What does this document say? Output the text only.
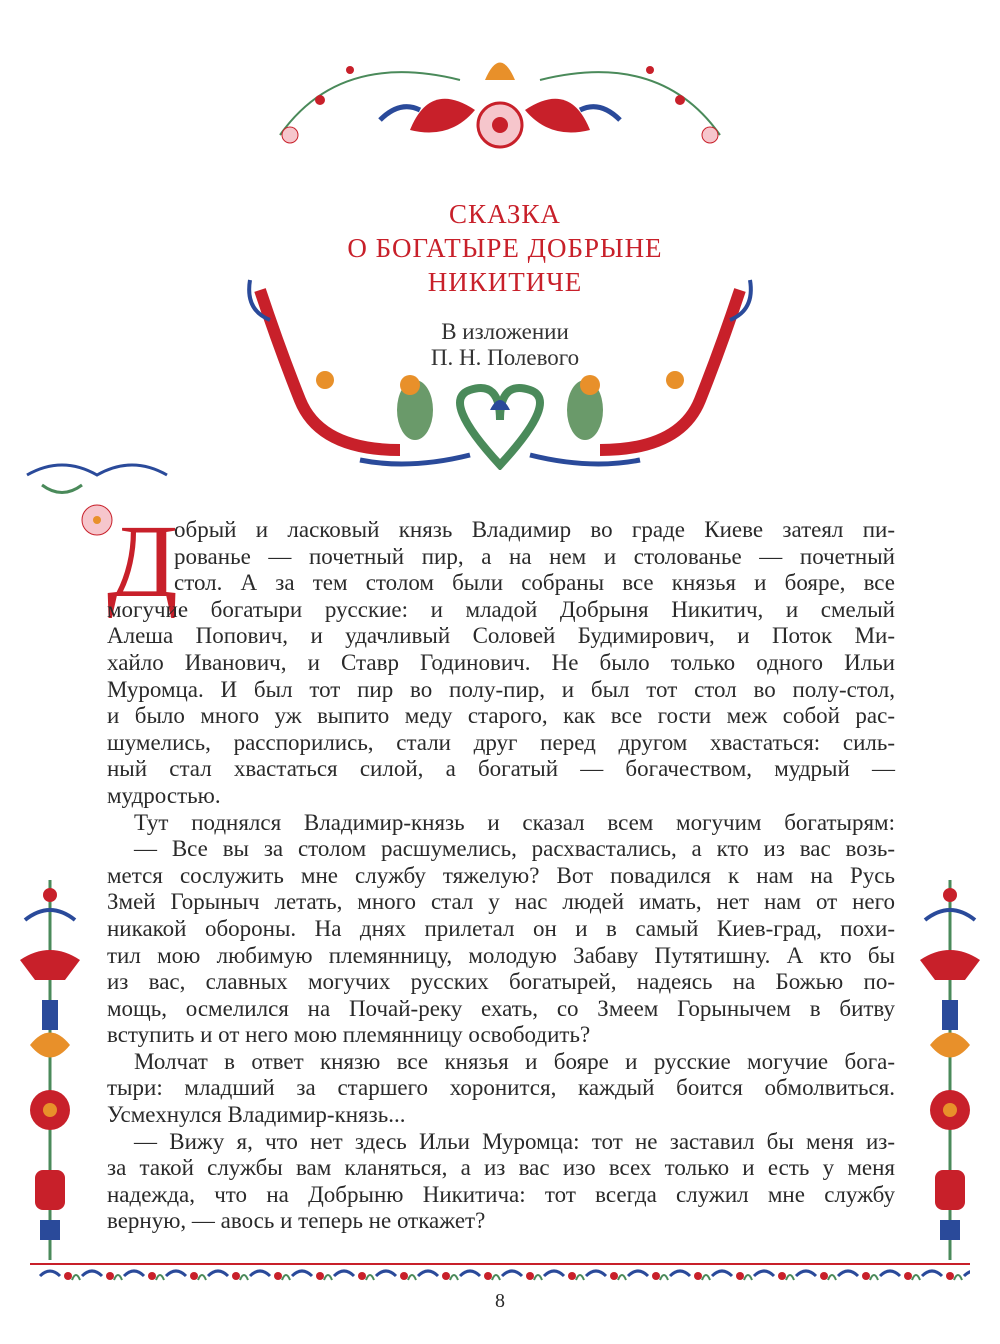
СКАЗКА
О БОГАТЫРЕ ДОБРЫНЕ
НИКИТИЧЕ
В изложении
П. Н. Полевого
Д
обрый и ласковый князь Владимир во граде Киеве затеял пи-
рованье — почетный пир, а на нем и столованье — почетный
стол. А за тем столом были собраны все князья и бояре, все
могучие богатыри русские: и младой Добрыня Никитич, и смелый
Алеша Попович, и удачливый Соловей Будимирович, и Поток Ми-
хайло Иванович, и Ставр Годинович. Не было только одного Ильи
Муромца. И был тот пир во полу-пир, и был тот стол во полу-стол,
и было много уж выпито меду старого, как все гости меж собой рас-
шумелись, расспорились, стали друг перед другом хвастаться: силь-
ный стал хвастаться силой, а богатый — богачеством, мудрый —
мудростью.
Тут поднялся Владимир-князь и сказал всем могучим богатырям:
— Все вы за столом расшумелись, расхвастались, а кто из вас возь-
мется сослужить мне службу тяжелую? Вот повадился к нам на Русь
Змей Горыныч летать, много стал у нас людей имать, нет нам от него
никакой обороны. На днях прилетал он и в самый Киев-град, похи-
тил мою любимую племянницу, молодую Забаву Путятишну. А кто бы
из вас, славных могучих русских богатырей, надеясь на Божью по-
мощь, осмелился на Почай-реку ехать, со Змеем Горынычем в битву
вступить и от него мою племянницу освободить?
Молчат в ответ князю все князья и бояре и русские могучие бога-
тыри: младший за старшего хоронится, каждый боится обмолвиться.
Усмехнулся Владимир-князь...
— Вижу я, что нет здесь Ильи Муромца: тот не заставил бы меня из-
за такой службы вам кланяться, а из вас изо всех только и есть у меня
надежда, что на Добрыню Никитича: тот всегда служил мне службу
верную, — авось и теперь не откажет?
8
